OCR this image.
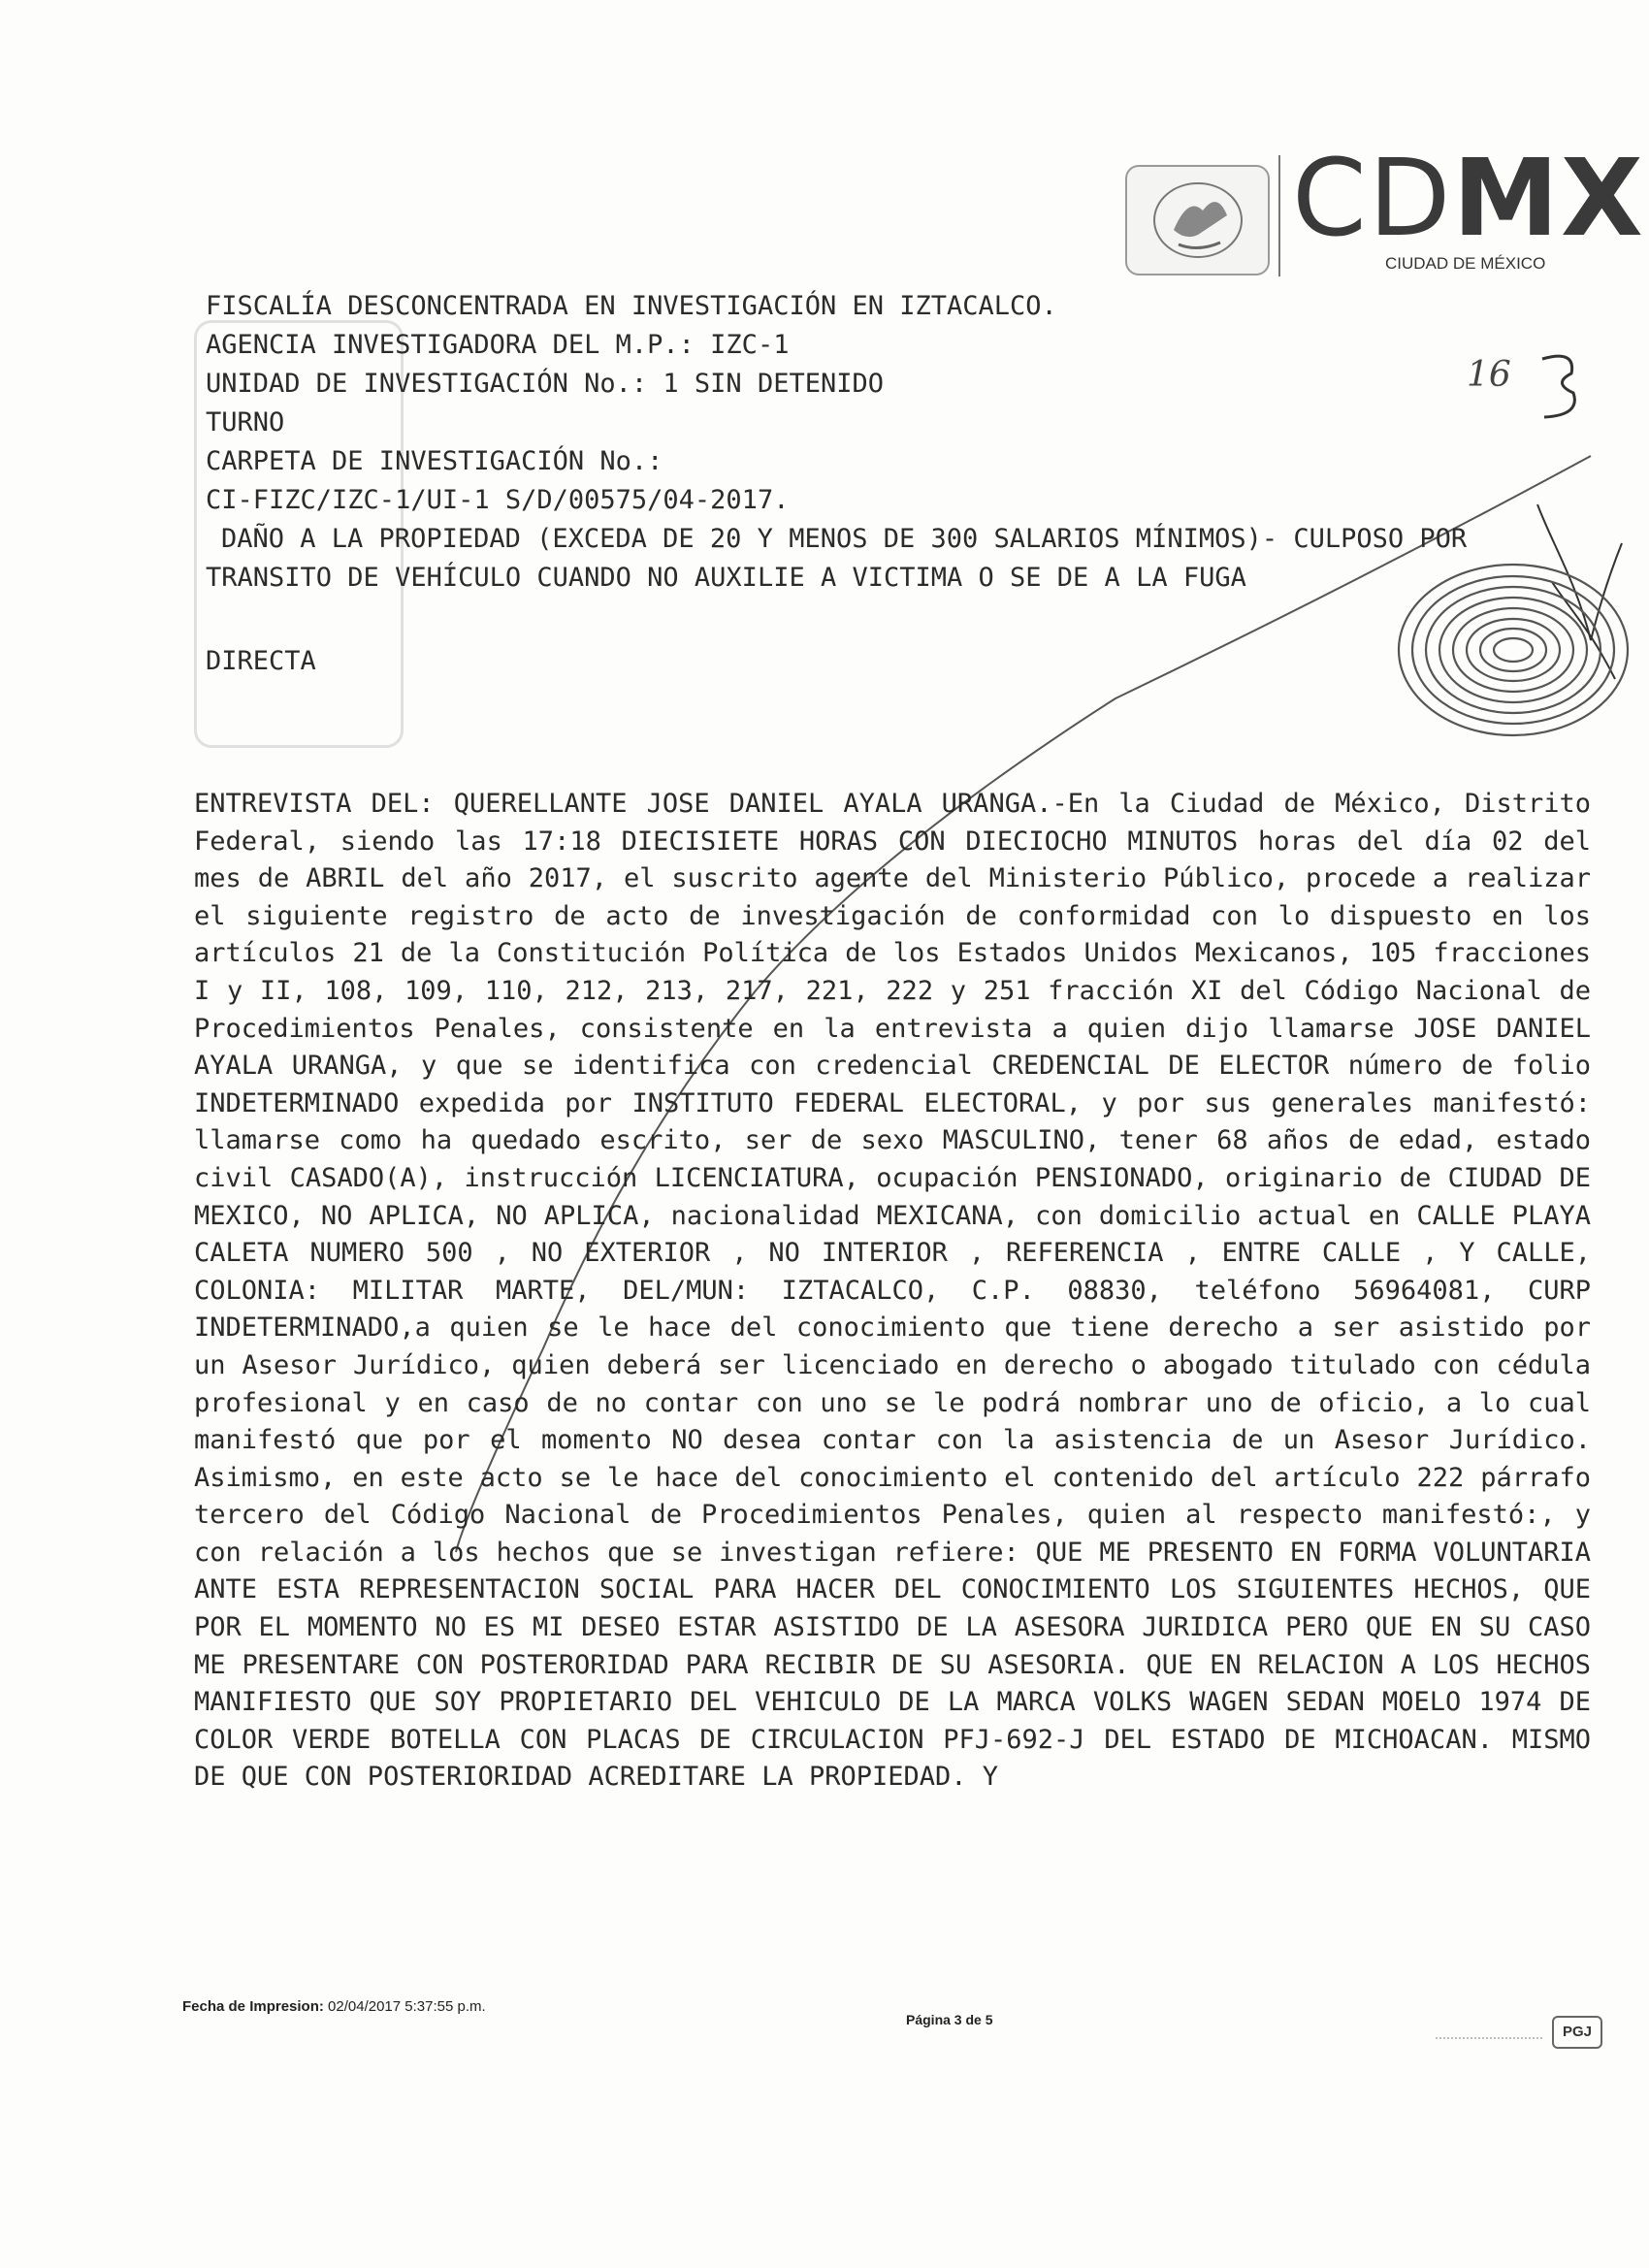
CDMX
CIUDAD DE MÉXICO
16
FISCALÍA DESCONCENTRADA EN INVESTIGACIÓN EN IZTACALCO.
AGENCIA INVESTIGADORA DEL M.P.: IZC-1
UNIDAD DE INVESTIGACIÓN No.: 1 SIN DETENIDO
TURNO
CARPETA DE INVESTIGACIÓN No.:
CI-FIZC/IZC-1/UI-1 S/D/00575/04-2017.
DAÑO A LA PROPIEDAD (EXCEDA DE 20 Y MENOS DE 300 SALARIOS MÍNIMOS)- CULPOSO POR
TRANSITO DE VEHÍCULO CUANDO NO AUXILIE A VICTIMA O SE DE A LA FUGA
DIRECTA

ENTREVISTA DEL: QUERELLANTE JOSE DANIEL AYALA URANGA.-En la Ciudad de México, Distrito Federal, siendo las 17:18 DIECISIETE HORAS CON DIECIOCHO MINUTOS horas del día 02 del mes de ABRIL del año 2017, el suscrito agente del Ministerio Público, procede a realizar el siguiente registro de acto de investigación de conformidad con lo dispuesto en los artículos 21 de la Constitución Política de los Estados Unidos Mexicanos, 105 fracciones I y II, 108, 109, 110, 212, 213, 217, 221, 222 y 251 fracción XI del Código Nacional de Procedimientos Penales, consistente en la entrevista a quien dijo llamarse JOSE DANIEL AYALA URANGA, y que se identifica con credencial CREDENCIAL DE ELECTOR número de folio INDETERMINADO expedida por INSTITUTO FEDERAL ELECTORAL, y por sus generales manifestó: llamarse como ha quedado escrito, ser de sexo MASCULINO, tener 68 años de edad, estado civil CASADO(A), instrucción LICENCIATURA, ocupación PENSIONADO, originario de CIUDAD DE MEXICO, NO APLICA, NO APLICA, nacionalidad MEXICANA, con domicilio actual en CALLE PLAYA CALETA NUMERO 500 , NO EXTERIOR , NO INTERIOR , REFERENCIA , ENTRE CALLE , Y CALLE, COLONIA: MILITAR MARTE, DEL/MUN: IZTACALCO, C.P. 08830, teléfono 56964081, CURP INDETERMINADO,a quien se le hace del conocimiento que tiene derecho a ser asistido por un Asesor Jurídico, quien deberá ser licenciado en derecho o abogado titulado con cédula profesional y en caso de no contar con uno se le podrá nombrar uno de oficio, a lo cual manifestó que por el momento NO desea contar con la asistencia de un Asesor Jurídico. Asimismo, en este acto se le hace del conocimiento el contenido del artículo 222 párrafo tercero del Código Nacional de Procedimientos Penales, quien al respecto manifestó:, y con relación a los hechos que se investigan refiere: QUE ME PRESENTO EN FORMA VOLUNTARIA ANTE ESTA REPRESENTACION SOCIAL PARA HACER DEL CONOCIMIENTO LOS SIGUIENTES HECHOS, QUE POR EL MOMENTO NO ES MI DESEO ESTAR ASISTIDO DE LA ASESORA JURIDICA PERO QUE EN SU CASO ME PRESENTARE CON POSTERORIDAD PARA RECIBIR DE SU ASESORIA. QUE EN RELACION A LOS HECHOS MANIFIESTO QUE SOY PROPIETARIO DEL VEHICULO DE LA MARCA VOLKS WAGEN SEDAN MOELO 1974 DE COLOR VERDE BOTELLA CON PLACAS DE CIRCULACION PFJ-692-J DEL ESTADO DE MICHOACAN. MISMO DE QUE CON POSTERIORIDAD ACREDITARE LA PROPIEDAD. Y

Fecha de Impresion: 02/04/2017 5:37:55 p.m.
Página 3 de 5
PGJ
